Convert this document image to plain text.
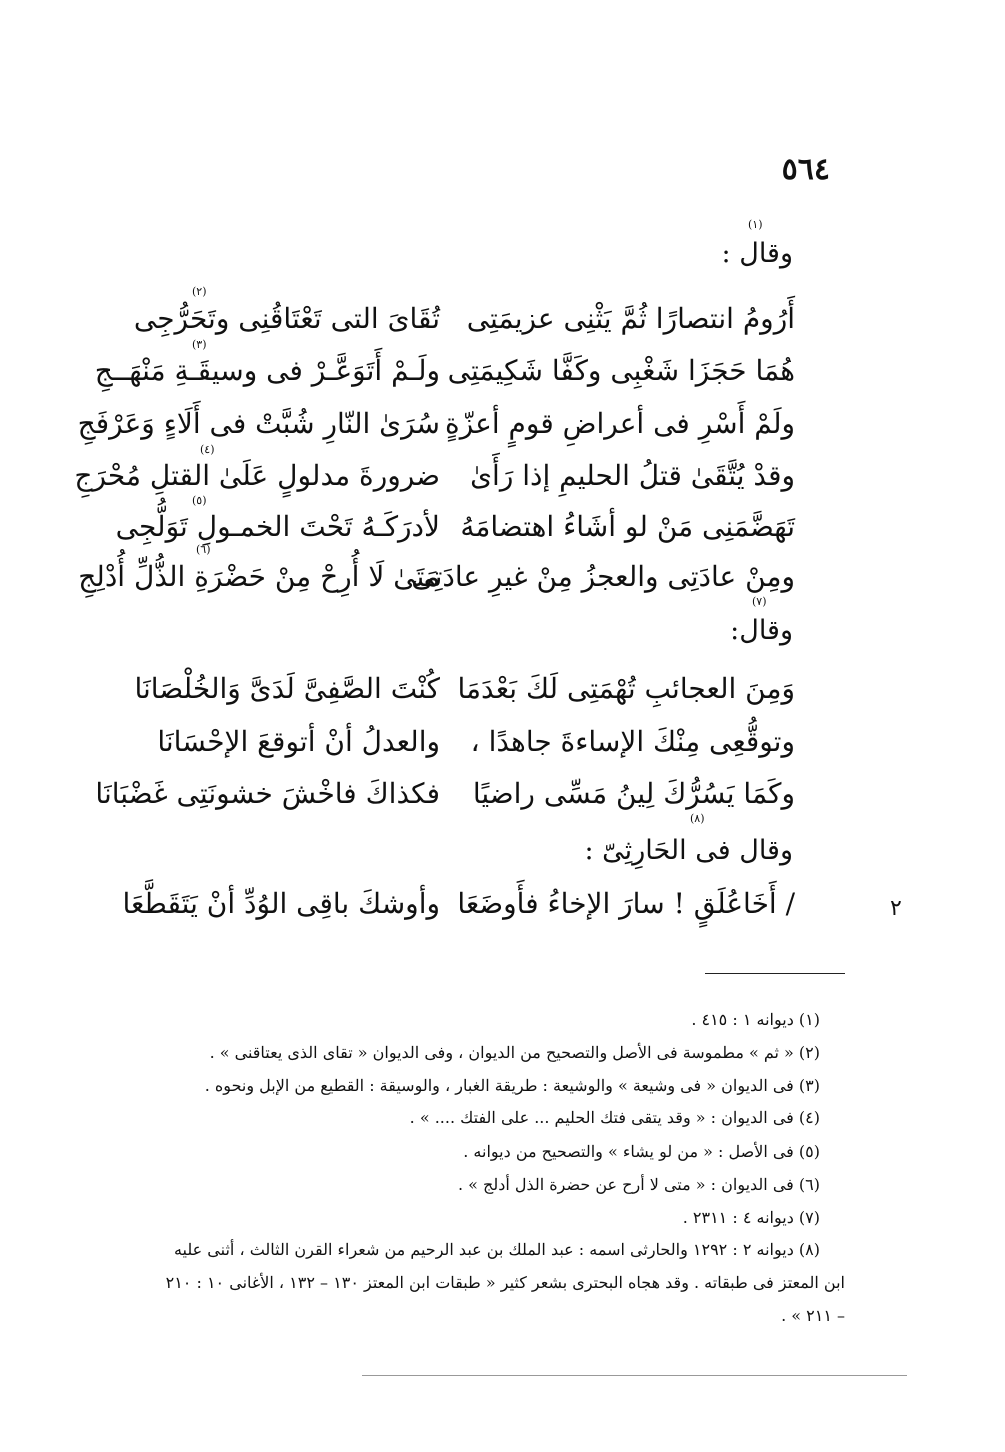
٥٦٤
(١)
وقال :
أَرُومُ انتصارًا ثُمَّ يَثْنِى عزيمَتِى
تُقَاىَ التى تَعْتَاقُنِى وتَحَرُّجِى
(٢)
هُمَا حَجَزَا شَغْبِى وكَفَّا شَكِيمَتِى
ولَـمْ أَتَوَعَّـرْ فى وسيقَـةِ مَنْهَــجِ
(٣)
ولَمْ أَسْرِ فى أعراضِ قومٍ أعزّةٍ
سُرَىٰ النّارِ شُبَّتْ فى أَلَاءٍ وَعَرْفَجِ
وقدْ يُتَّقَىٰ قتلُ الحليمِ إذا رَأَىٰ
ضرورةَ مدلولٍ عَلَىٰ القتلِ مُحْرَجِ
(٤)
تَهَضَّمَنِى مَنْ لو أشَاءُ اهتضامَهُ
لأدرَكَـهُ تَحْتَ الخمـولِ تَوَلُّجِى
(٥)
ومِنْ عادَتِى والعجزُ مِنْ غيرِ عادَتِى
مَتَىٰ لَا أُرِحْ مِنْ حَضْرَةِ الذُّلِّ أُدْلِجِ
(٦)
(٧)
وقال:
وَمِنَ العجائبِ تُهْمَتِى لَكَ بَعْدَمَا
كُنْتَ الصَّفِىَّ لَدَىَّ وَالخُلْصَانَا
وتوقُّعِى مِنْكَ الإساءةَ جاهدًا ،
والعدلُ أنْ أتوقعَ الإحْسَانَا
وكَمَا يَسُرُّكَ لِينُ مَسِّى راضيًا
فكذاكَ فاخْشَ خشونَتِى غَضْبَانَا
(٨)
وقال فى الحَارِثِىّ :
/ أَخَاعُلَقٍ ! سارَ الإخاءُ فأَوضَعَا
وأوشكَ باقِى الوُدِّ أنْ يَتَقَطَّعَا	٢
(١) ديوانه ١ : ٤١٥ .
(٢) « ثم » مطموسة فى الأصل والتصحيح من الديوان ، وفى الديوان « تقاى الذى يعتاقنى » .
(٣) فى الديوان « فى وشيعة » والوشيعة : طريقة الغبار ، والوسيقة : القطيع من الإبل ونحوه .
(٤) فى الديوان : « وقد يتقى فتك الحليم ... على الفتك .... » .
(٥) فى الأصل : « من لو يشاء » والتصحيح من ديوانه .
(٦) فى الديوان : « متى لا أرح عن حضرة الذل أدلج » .
(٧) ديوانه ٤ : ٢٣١١ .
(٨) ديوانه ٢ : ١٢٩٢ والحارثى اسمه : عبد الملك بن عبد الرحيم من شعراء القرن الثالث ، أثنى عليه
ابن المعتز فى طبقاته . وقد هجاه البحترى بشعر كثير « طبقات ابن المعتز ١٣٠ – ١٣٢ ، الأغانى ١٠ : ٢١٠
– ٢١١ » .
